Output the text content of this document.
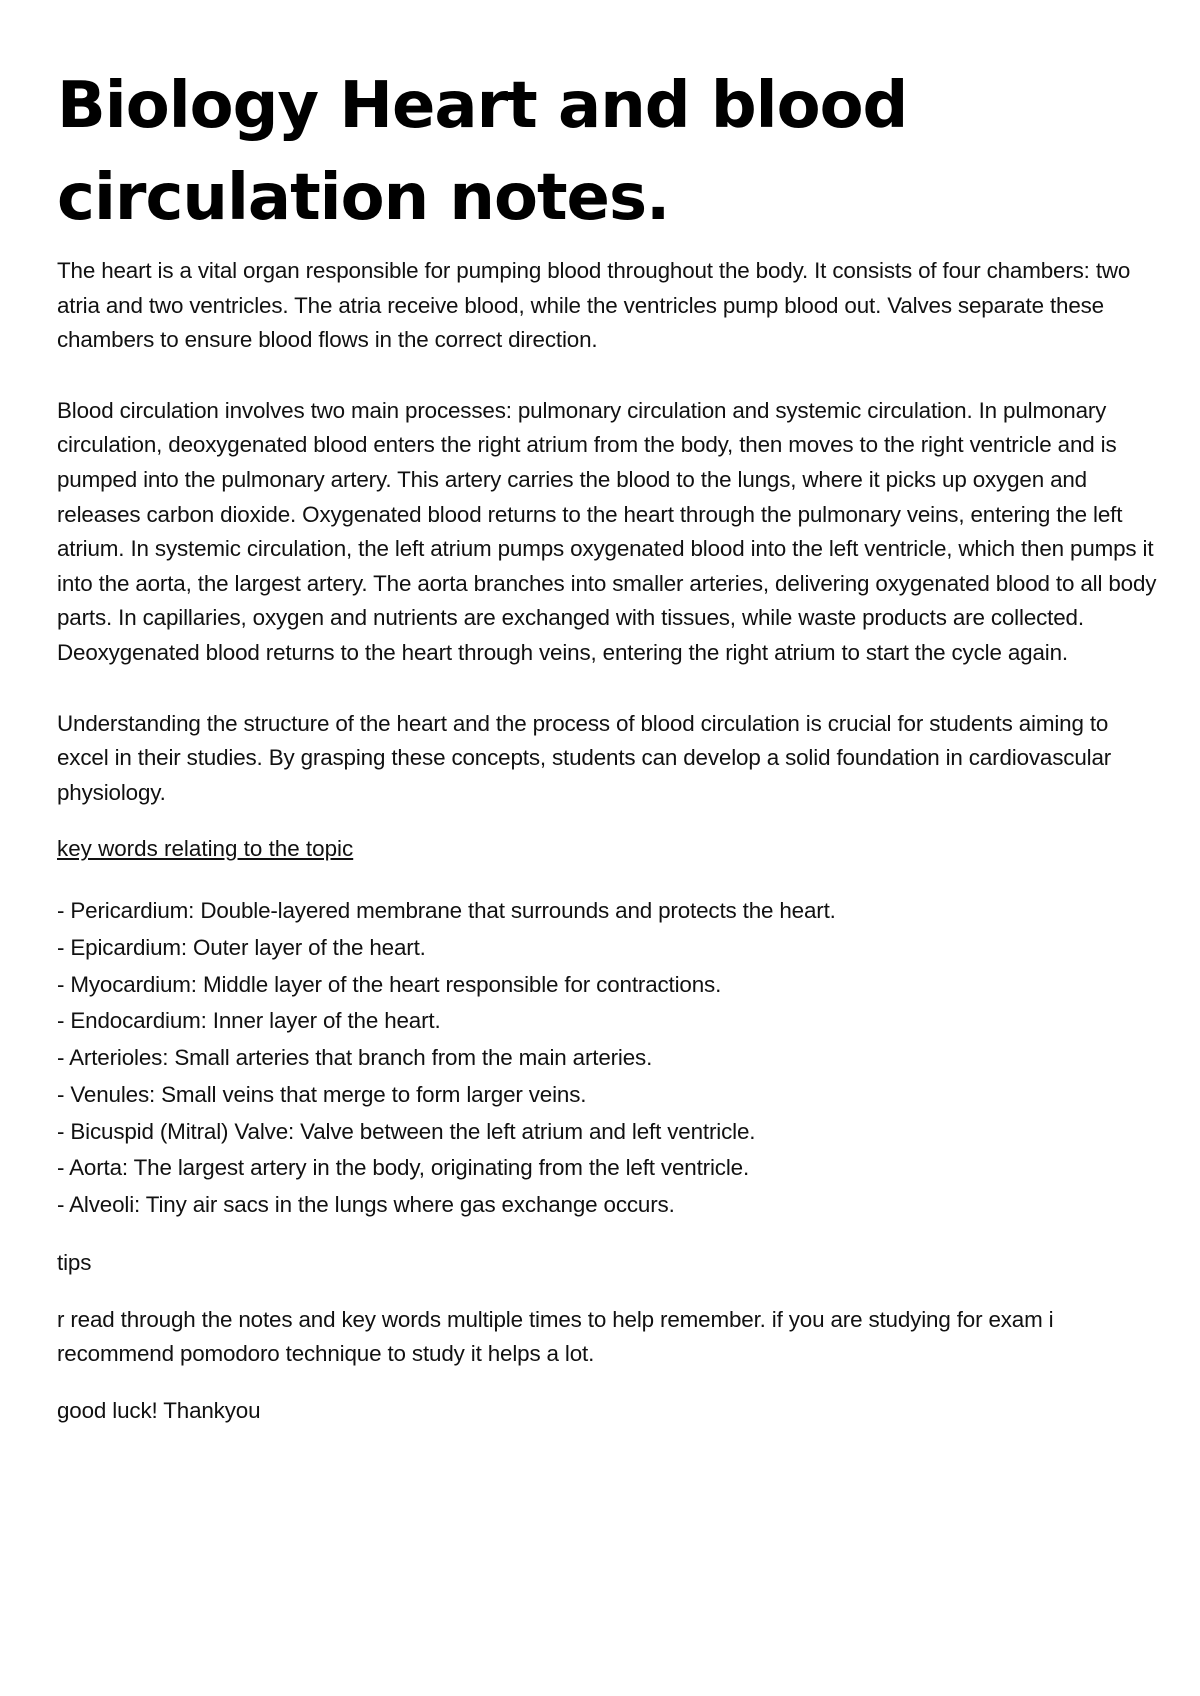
Biology Heart and blood circulation notes.

The heart is a vital organ responsible for pumping blood throughout the body. It consists of four chambers: two atria and two ventricles. The atria receive blood, while the ventricles pump blood out. Valves separate these chambers to ensure blood flows in the correct direction.

Blood circulation involves two main processes: pulmonary circulation and systemic circulation. In pulmonary circulation, deoxygenated blood enters the right atrium from the body, then moves to the right ventricle and is pumped into the pulmonary artery. This artery carries the blood to the lungs, where it picks up oxygen and releases carbon dioxide. Oxygenated blood returns to the heart through the pulmonary veins, entering the left atrium. In systemic circulation, the left atrium pumps oxygenated blood into the left ventricle, which then pumps it into the aorta, the largest artery. The aorta branches into smaller arteries, delivering oxygenated blood to all body parts. In capillaries, oxygen and nutrients are exchanged with tissues, while waste products are collected. Deoxygenated blood returns to the heart through veins, entering the right atrium to start the cycle again.

Understanding the structure of the heart and the process of blood circulation is crucial for students aiming to excel in their studies. By grasping these concepts, students can develop a solid foundation in cardiovascular physiology.

key words relating to the topic
- Pericardium: Double-layered membrane that surrounds and protects the heart.
- Epicardium: Outer layer of the heart.
- Myocardium: Middle layer of the heart responsible for contractions.
- Endocardium: Inner layer of the heart.
- Arterioles: Small arteries that branch from the main arteries.
- Venules: Small veins that merge to form larger veins.
- Bicuspid (Mitral) Valve: Valve between the left atrium and left ventricle.
- Aorta: The largest artery in the body, originating from the left ventricle.
- Alveoli: Tiny air sacs in the lungs where gas exchange occurs.

tips

r read through the notes and key words multiple times to help remember. if you are studying for exam i recommend pomodoro technique to study it helps a lot.

good luck! Thankyou
